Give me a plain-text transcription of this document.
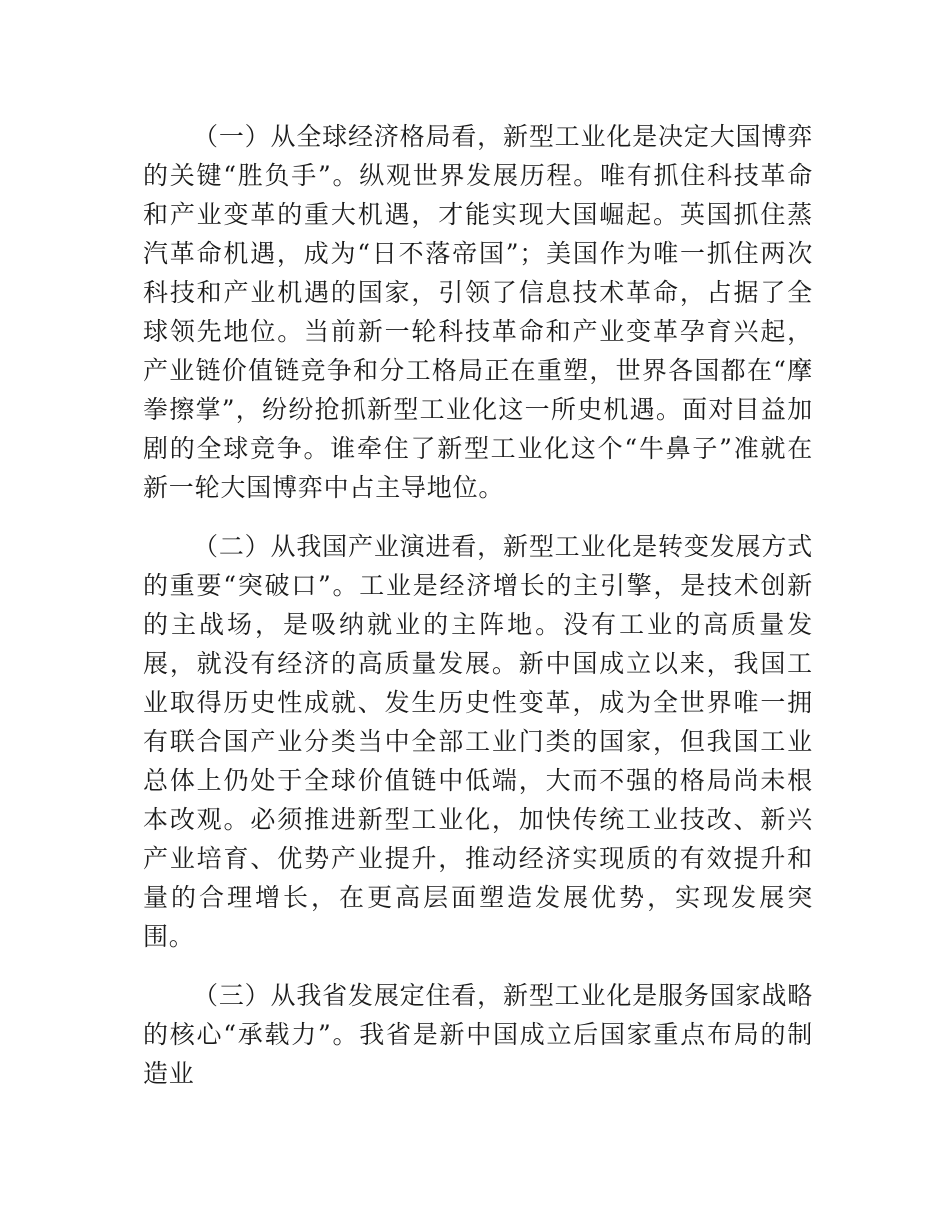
（一）从全球经济格局看，新型工业化是决定大国博弈的关键“胜负手”。纵观世界发展历程。唯有抓住科技革命和产业变革的重大机遇，才能实现大国崛起。英国抓住蒸汽革命机遇，成为“日不落帝国”；美国作为唯一抓住两次科技和产业机遇的国家，引领了信息技术革命，占据了全球领先地位。当前新一轮科技革命和产业变革孕育兴起，产业链价值链竞争和分工格局正在重塑，世界各国都在“摩拳擦掌”，纷纷抢抓新型工业化这一所史机遇。面对目益加剧的全球竞争。谁牵住了新型工业化这个“牛鼻子”准就在新一轮大国博弈中占主导地位。

（二）从我国产业演进看，新型工业化是转变发展方式的重要“突破口”。工业是经济增长的主引擎，是技术创新的主战场，是吸纳就业的主阵地。没有工业的高质量发展，就没有经济的高质量发展。新中国成立以来，我国工业取得历史性成就、发生历史性变革，成为全世界唯一拥有联合国产业分类当中全部工业门类的国家，但我国工业总体上仍处于全球价值链中低端，大而不强的格局尚未根本改观。必须推进新型工业化，加快传统工业技改、新兴产业培育、优势产业提升，推动经济实现质的有效提升和量的合理增长，在更高层面塑造发展优势，实现发展突围。

（三）从我省发展定住看，新型工业化是服务国家战略的核心“承载力”。我省是新中国成立后国家重点布局的制造业
